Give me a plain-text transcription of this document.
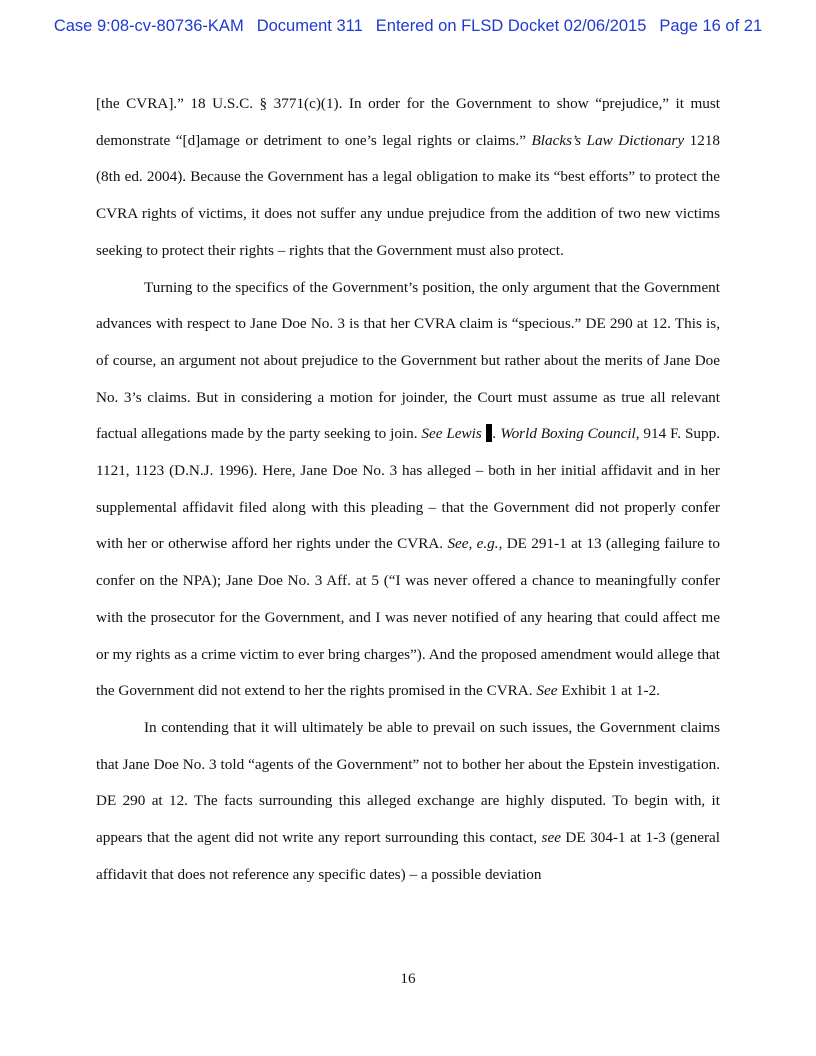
Case 9:08-cv-80736-KAM Document 311 Entered on FLSD Docket 02/06/2015 Page 16 of 21

[the CVRA].” 18 U.S.C. § 3771(c)(1). In order for the Government to show “prejudice,” it must demonstrate “[d]amage or detriment to one’s legal rights or claims.” Blacks’s Law Dictionary 1218 (8th ed. 2004). Because the Government has a legal obligation to make its “best efforts” to protect the CVRA rights of victims, it does not suffer any undue prejudice from the addition of two new victims seeking to protect their rights – rights that the Government must also protect.

Turning to the specifics of the Government’s position, the only argument that the Government advances with respect to Jane Doe No. 3 is that her CVRA claim is “specious.” DE 290 at 12. This is, of course, an argument not about prejudice to the Government but rather about the merits of Jane Doe No. 3’s claims. But in considering a motion for joinder, the Court must assume as true all relevant factual allegations made by the party seeking to join. See Lewis . World Boxing Council, 914 F. Supp. 1121, 1123 (D.N.J. 1996). Here, Jane Doe No. 3 has alleged – both in her initial affidavit and in her supplemental affidavit filed along with this pleading – that the Government did not properly confer with her or otherwise afford her rights under the CVRA. See, e.g., DE 291-1 at 13 (alleging failure to confer on the NPA); Jane Doe No. 3 Aff. at 5 (“I was never offered a chance to meaningfully confer with the prosecutor for the Government, and I was never notified of any hearing that could affect me or my rights as a crime victim to ever bring charges”). And the proposed amendment would allege that the Government did not extend to her the rights promised in the CVRA. See Exhibit 1 at 1-2.

In contending that it will ultimately be able to prevail on such issues, the Government claims that Jane Doe No. 3 told “agents of the Government” not to bother her about the Epstein investigation. DE 290 at 12. The facts surrounding this alleged exchange are highly disputed. To begin with, it appears that the agent did not write any report surrounding this contact, see DE 304-1 at 1-3 (general affidavit that does not reference any specific dates) – a possible deviation

16
